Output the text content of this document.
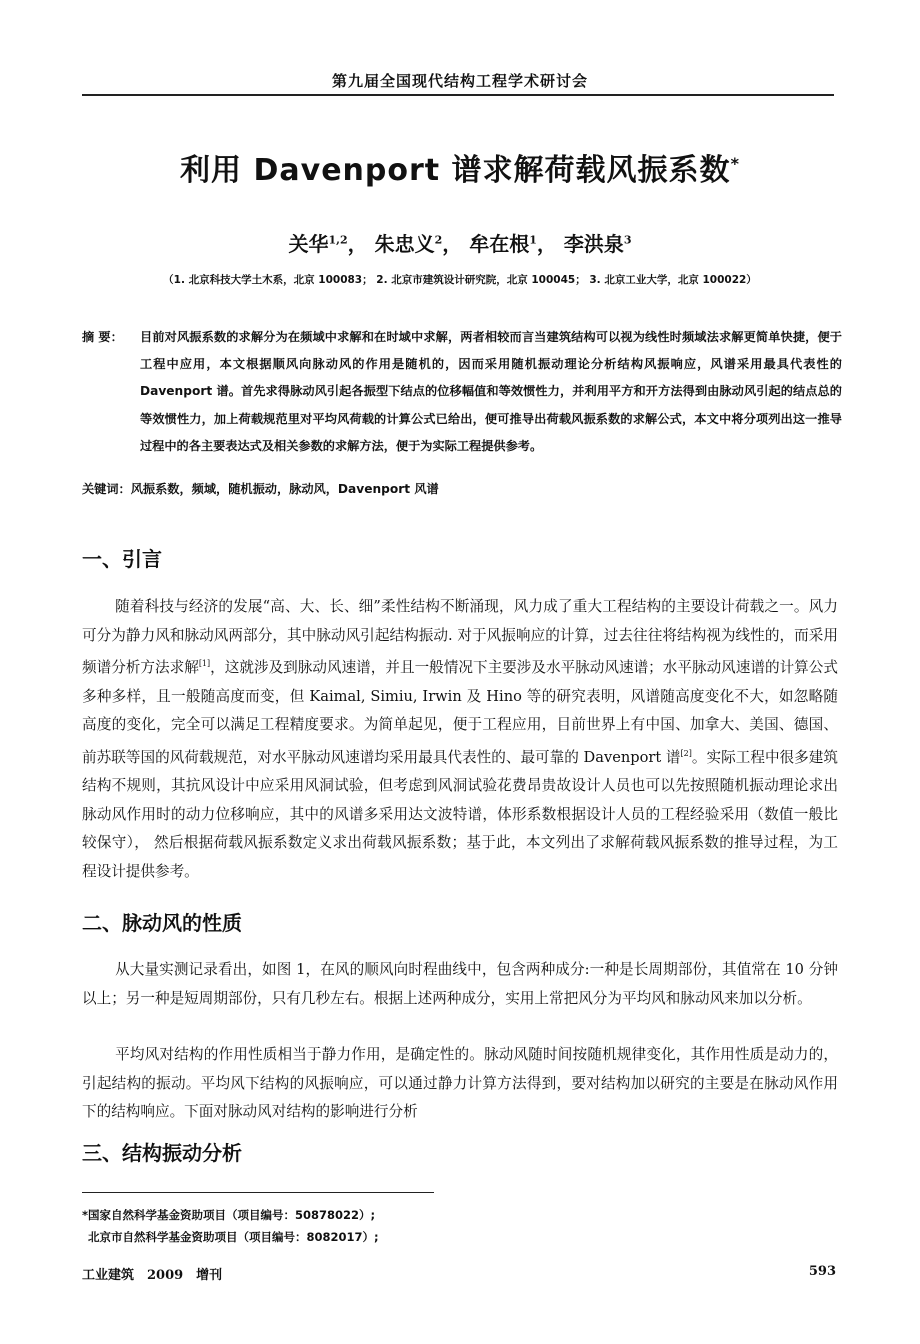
第九届全国现代结构工程学术研讨会
利用 Davenport 谱求解荷载风振系数*
关华$^{1,2}$， 朱忠义$^2$， 牟在根$^1$， 李洪泉$^3$
（1. 北京科技大学土木系，北京 100083； 2. 北京市建筑设计研究院，北京 100045； 3. 北京工业大学，北京 100022）
摘 要：	目前对风振系数的求解分为在频域中求解和在时域中求解，两者相较而言当建筑结构可以视为线性时频域法求解更简单快捷，便于工程中应用，本文根据顺风向脉动风的作用是随机的，因而采用随机振动理论分析结构风振响应，风谱采用最具代表性的 Davenport 谱。首先求得脉动风引起各振型下结点的位移幅值和等效惯性力，并利用平方和开方法得到由脉动风引起的结点总的等效惯性力，加上荷载规范里对平均风荷载的计算公式已给出，便可推导出荷载风振系数的求解公式，本文中将分项列出这一推导过程中的各主要表达式及相关参数的求解方法，便于为实际工程提供参考。
关键词：风振系数，频域，随机振动，脉动风，Davenport 风谱
一、引言
随着科技与经济的发展“高、大、长、细”柔性结构不断涌现，风力成了重大工程结构的主要设计荷载之一。风力可分为静力风和脉动风两部分，其中脉动风引起结构振动. 对于风振响应的计算，过去往往将结构视为线性的，而采用频谱分析方法求解[1]，这就涉及到脉动风速谱，并且一般情况下主要涉及水平脉动风速谱；水平脉动风速谱的计算公式多种多样，且一般随高度而变，但 Kaimal, Simiu, Irwin 及 Hino 等的研究表明，风谱随高度变化不大，如忽略随高度的变化，完全可以满足工程精度要求。为简单起见，便于工程应用，目前世界上有中国、加拿大、美国、德国、前苏联等国的风荷载规范，对水平脉动风速谱均采用最具代表性的、最可靠的 Davenport 谱[2]。实际工程中很多建筑结构不规则，其抗风设计中应采用风洞试验，但考虑到风洞试验花费昂贵故设计人员也可以先按照随机振动理论求出脉动风作用时的动力位移响应，其中的风谱多采用达文波特谱，体形系数根据设计人员的工程经验采用（数值一般比较保守）， 然后根据荷载风振系数定义求出荷载风振系数；基于此，本文列出了求解荷载风振系数的推导过程，为工程设计提供参考。
二、脉动风的性质
从大量实测记录看出，如图 1，在风的顺风向时程曲线中，包含两种成分:一种是长周期部份，其值常在 10 分钟以上；另一种是短周期部份，只有几秒左右。根据上述两种成分，实用上常把风分为平均风和脉动风来加以分析。
平均风对结构的作用性质相当于静力作用，是确定性的。脉动风随时间按随机规律变化，其作用性质是动力的，引起结构的振动。平均风下结构的风振响应，可以通过静力计算方法得到，要对结构加以研究的主要是在脉动风作用下的结构响应。下面对脉动风对结构的影响进行分析
三、结构振动分析
*国家自然科学基金资助项目（项目编号：50878022）;
北京市自然科学基金资助项目（项目编号：8082017）;
工业建筑　2009　增刊	593
